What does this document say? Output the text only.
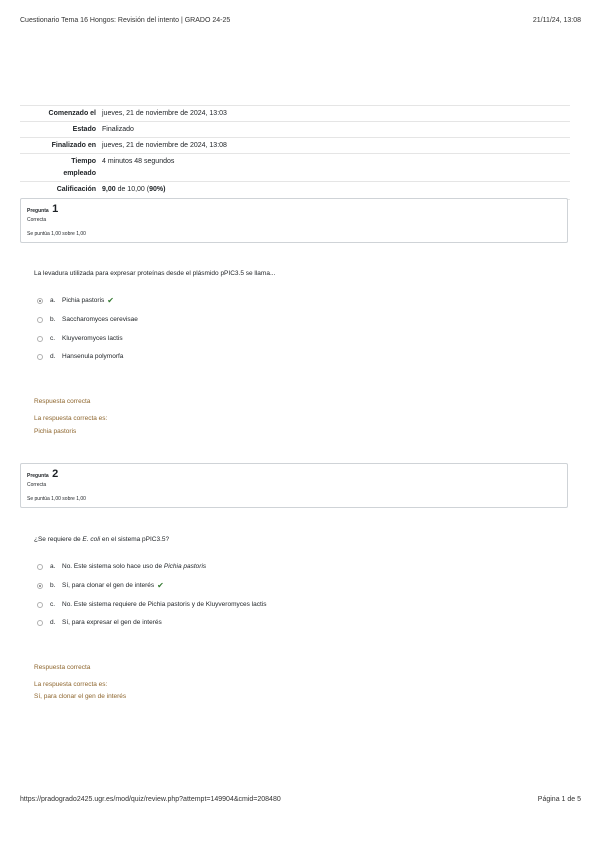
Cuestionario Tema 16 Hongos: Revisión del intento | GRADO 24-25	21/11/24, 13:08
Comenzado el jueves, 21 de noviembre de 2024, 13:03
Estado Finalizado
Finalizado en jueves, 21 de noviembre de 2024, 13:08
Tiempo
empleado
4 minutos 48 segundos
Calificación 9,00 de 10,00 (90%)
Pregunta 1
Correcta
Se puntúa 1,00 sobre 1,00
La levadura utilizada para expresar proteínas desde el plásmido pPIC3.5 se llama...
a.	Pichia pastoris ✔
b.	Saccharomyces cerevisae
c.	Kluyveromyces lactis
d.	Hansenula polymorfa
Respuesta correcta
La respuesta correcta es:
Pichia pastoris
Pregunta 2
Correcta
Se puntúa 1,00 sobre 1,00
¿Se requiere de E. coli en el sistema pPIC3.5?
a.	No. Este sistema solo hace uso de Pichia pastoris
b.	Sí, para clonar el gen de interés ✔
c.	No. Este sistema requiere de Pichia pastoris y de Kluyveromyces lactis
d.	Sí, para expresar el gen de interés
Respuesta correcta
La respuesta correcta es:
Sí, para clonar el gen de interés
https://pradogrado2425.ugr.es/mod/quiz/review.php?attempt=149904&cmid=208480	Página 1 de 5
